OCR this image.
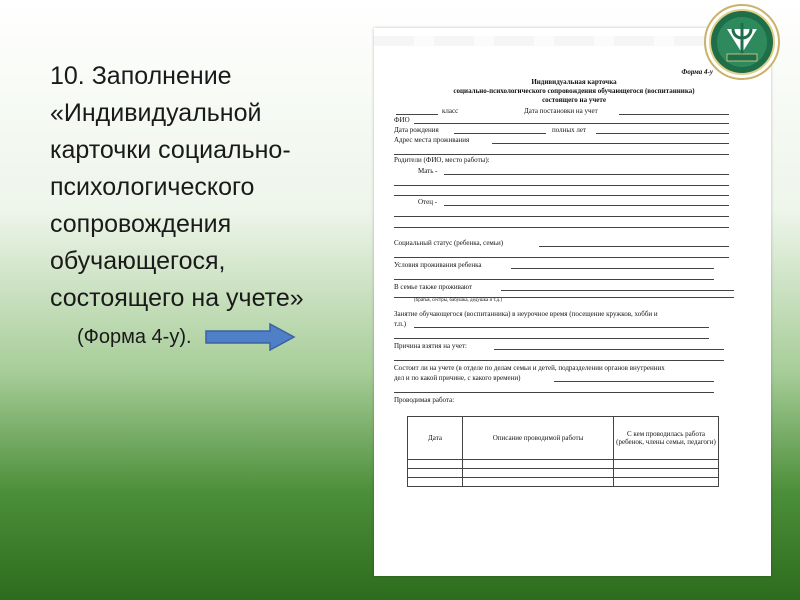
10. Заполнение
«Индивидуальной
карточки социально-
психологического
сопровождения
обучающегося,
состоящего на учете»
(Форма 4-у).
Форма 4-у
Индивидуальная карточка
социально-психологического сопровождения обучающегося (воспитанника)
состоящего на учете
класс	Дата постановки на учет
ФИО
Дата рождения	полных лет
Адрес места проживания
Родители (ФИО, место работы):
Мать -
Отец -
Социальный статус (ребенка, семьи)
Условия проживания ребенка
В семье также проживают
(братья, сестры, бабушка, дедушка и т.д.)
Занятие обучающегося (воспитанника) в неурочное время (посещение кружков, хобби и
т.п.)
Причина взятия на учет:
Состоит ли на учете (в отделе по делам семьи и детей, подразделении органов внутренних
дел и по какой причине, с какого времени)
Проводимая работа:
Дата	Описание проводимой работы	С кем проводилась работа (ребенок, члены семьи, педагоги)
